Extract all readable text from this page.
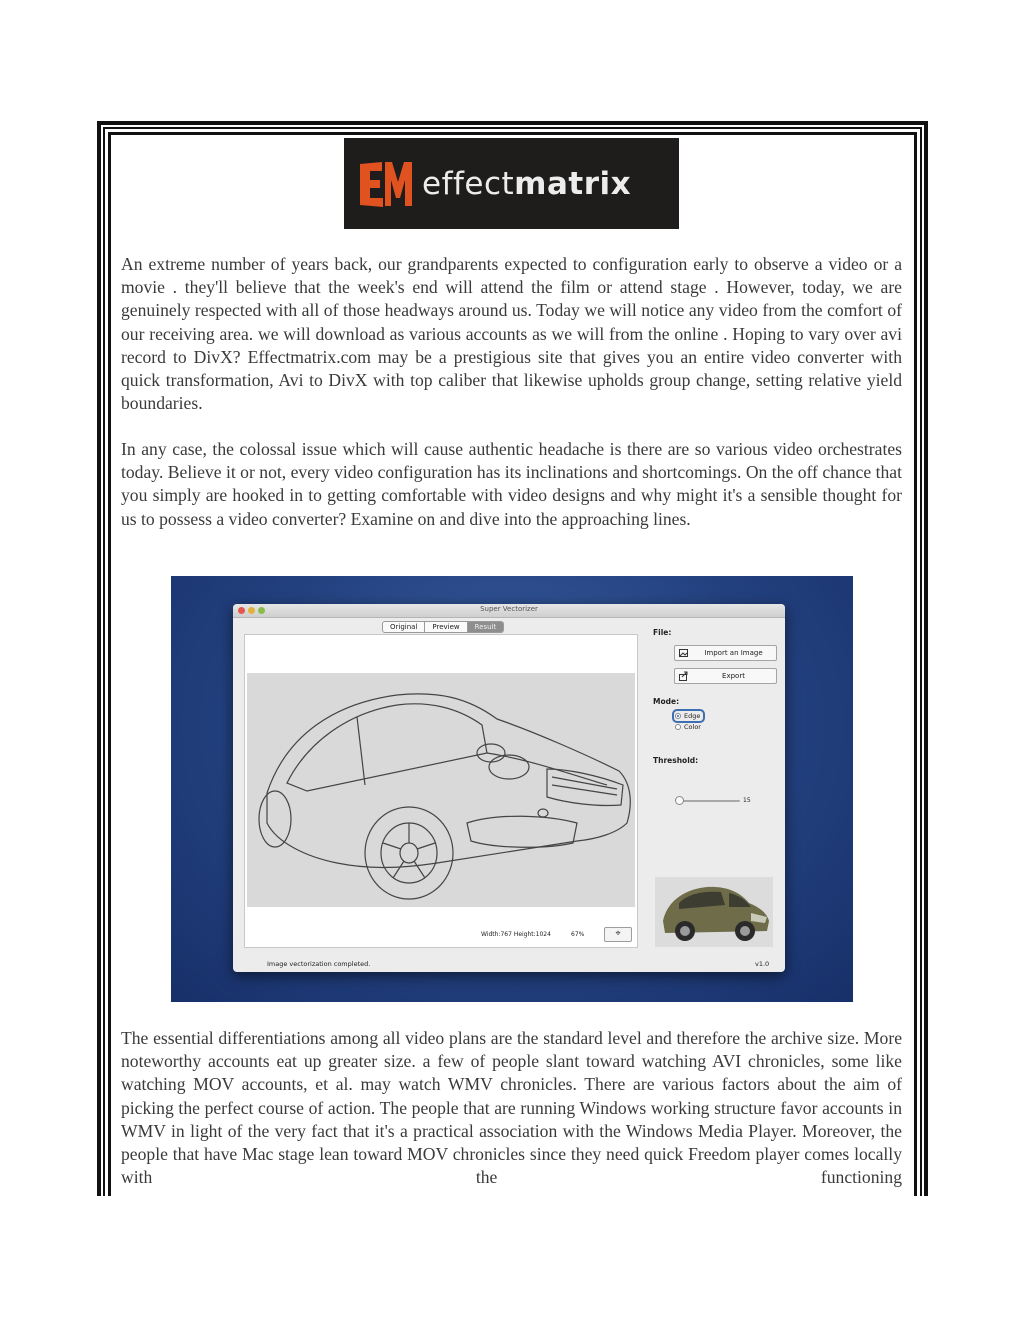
effectmatrix

An extreme number of years back, our grandparents expected to configuration early to observe a video or a movie . they'll believe that the week's end will attend the film or attend stage . However, today, we are genuinely respected with all of those headways around us. Today we will notice any video from the comfort of our receiving area. we will download as various accounts as we will from the online . Hoping to vary over avi record to DivX? Effectmatrix.com may be a prestigious site that gives you an entire video converter with quick transformation, Avi to DivX with top caliber that likewise upholds group change, setting relative yield boundaries.

In any case, the colossal issue which will cause authentic headache is there are so various video orchestrates today. Believe it or not, every video configuration has its inclinations and shortcomings. On the off chance that you simply are hooked in to getting comfortable with video designs and why might it's a sensible thought for us to possess a video converter? Examine on and dive into the approaching lines.

Super Vectorizer
Original	Preview	Result
Width:767 Height:1024	67%	⌖
File:
Import an Image
Export
Mode:
Edge
Color
Threshold:
15
Image vectorization completed.	v1.0

The essential differentiations among all video plans are the standard level and therefore the archive size. More noteworthy accounts eat up greater size. a few of people slant toward watching AVI chronicles, some like watching MOV accounts, et al. may watch WMV chronicles. There are various factors about the aim of picking the perfect course of action. The people that are running Windows working structure favor accounts in WMV in light of the very fact that it's a practical association with the Windows Media Player. Moreover, the people that have Mac stage lean toward MOV chronicles since they need quick Freedom player comes locally with the functioning
